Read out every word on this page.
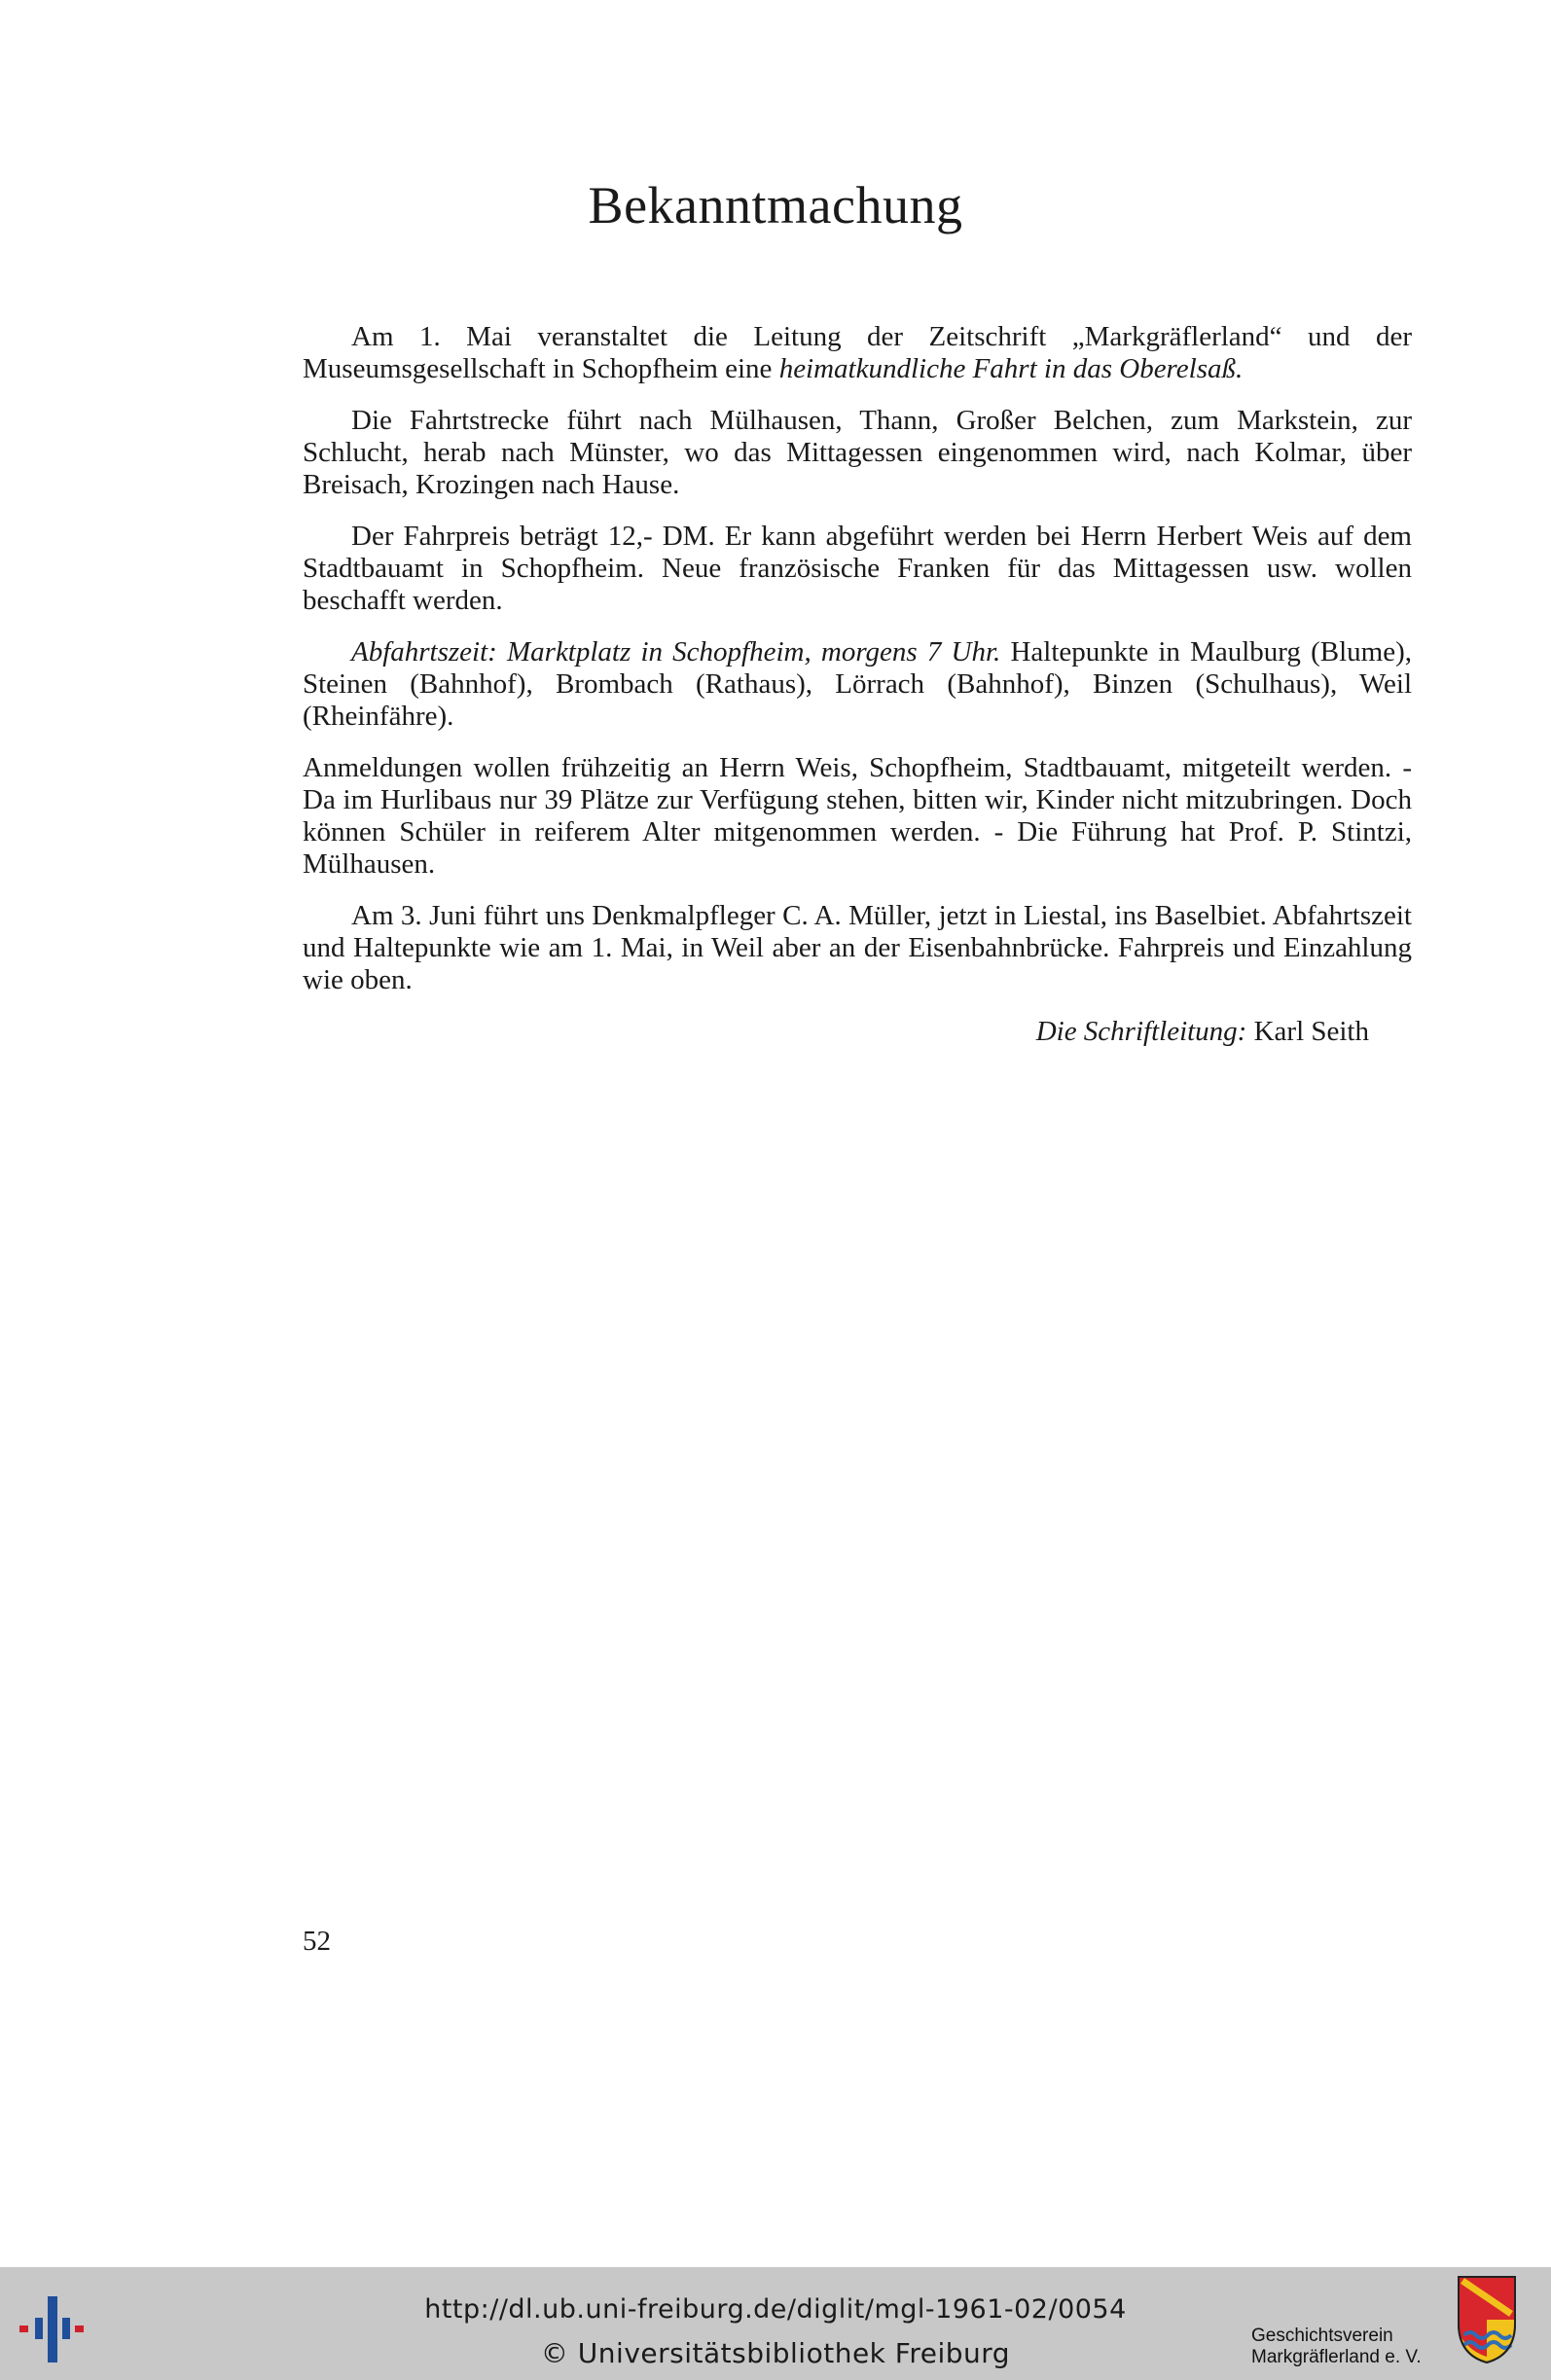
Bekanntmachung

Am 1. Mai veranstaltet die Leitung der Zeitschrift „Markgräflerland“ und der Museumsgesellschaft in Schopfheim eine heimatkundliche Fahrt in das Oberelsaß.

Die Fahrtstrecke führt nach Mülhausen, Thann, Großer Belchen, zum Markstein, zur Schlucht, herab nach Münster, wo das Mittagessen eingenommen wird, nach Kolmar, über Breisach, Krozingen nach Hause.

Der Fahrpreis beträgt 12,- DM. Er kann abgeführt werden bei Herrn Herbert Weis auf dem Stadtbauamt in Schopfheim. Neue französische Franken für das Mittagessen usw. wollen beschafft werden.

Abfahrtszeit: Marktplatz in Schopfheim, morgens 7 Uhr. Haltepunkte in Maulburg (Blume), Steinen (Bahnhof), Brombach (Rathaus), Lörrach (Bahnhof), Binzen (Schulhaus), Weil (Rheinfähre).

Anmeldungen wollen frühzeitig an Herrn Weis, Schopfheim, Stadtbauamt, mitgeteilt werden. - Da im Hurlibaus nur 39 Plätze zur Verfügung stehen, bitten wir, Kinder nicht mitzubringen. Doch können Schüler in reiferem Alter mitgenommen werden. - Die Führung hat Prof. P. Stintzi, Mülhausen.

Am 3. Juni führt uns Denkmalpfleger C. A. Müller, jetzt in Liestal, ins Baselbiet. Abfahrtszeit und Haltepunkte wie am 1. Mai, in Weil aber an der Eisenbahnbrücke. Fahrpreis und Einzahlung wie oben.

Die Schriftleitung: Karl Seith
52
http://dl.ub.uni-freiburg.de/diglit/mgl-1961-02/0054
© Universitätsbibliothek Freiburg
Geschichtsverein
Markgräflerland e. V.
